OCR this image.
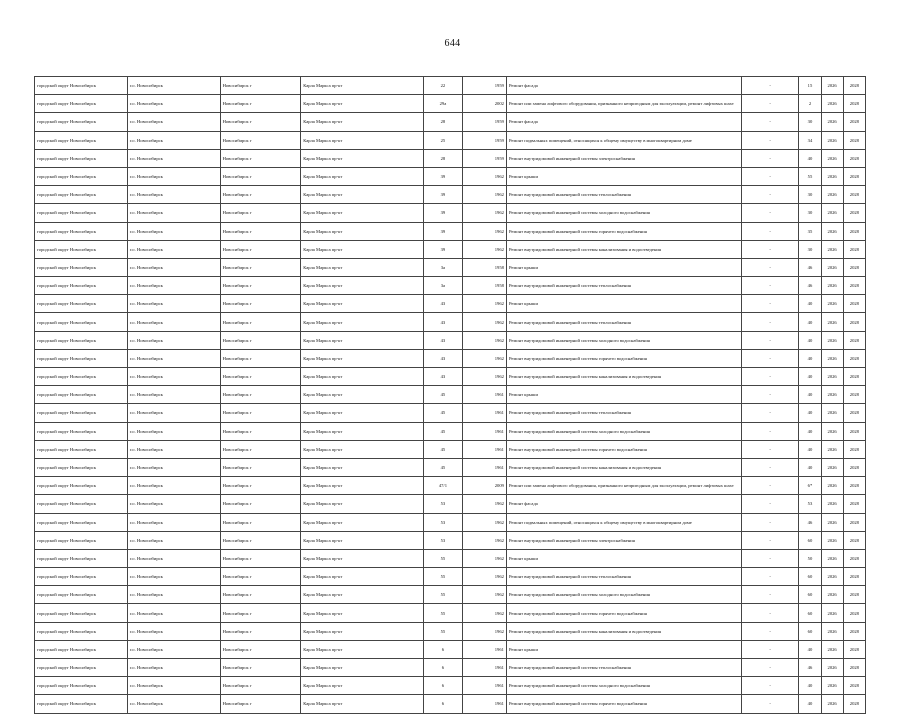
644
городской округ Новосибирск	г.о. Новосибирск	Новосибирск г	Карла Маркса пр-кт	22	1959	Ремонт фасада	-	15	2026	2028
городской округ Новосибирск	г.о. Новосибирск	Новосибирск г	Карла Маркса пр-кт	29а	2002	Ремонт или замена лифтового оборудования, признанного непригодным для эксплуатации, ремонт лифтовых шахт	-	2	2026	2028
городской округ Новосибирск	г.о. Новосибирск	Новосибирск г	Карла Маркса пр-кт	28	1959	Ремонт фасада	-	30	2026	2028
городской округ Новосибирск	г.о. Новосибирск	Новосибирск г	Карла Маркса пр-кт	25	1959	Ремонт подвальных помещений, относящихся к общему имуществу в многоквартирном доме	-	34	2026	2028
городской округ Новосибирск	г.о. Новосибирск	Новосибирск г	Карла Маркса пр-кт	28	1959	Ремонт внутридомовой инженерной системы электроснабжения	-	40	2026	2028
городской округ Новосибирск	г.о. Новосибирск	Новосибирск г	Карла Маркса пр-кт	39	1962	Ремонт крыши	-	55	2026	2028
городской округ Новосибирск	г.о. Новосибирск	Новосибирск г	Карла Маркса пр-кт	39	1962	Ремонт внутридомовой инженерной системы теплоснабжения	-	30	2026	2028
городской округ Новосибирск	г.о. Новосибирск	Новосибирск г	Карла Маркса пр-кт	39	1962	Ремонт внутридомовой инженерной системы холодного водоснабжения	-	30	2026	2028
городской округ Новосибирск	г.о. Новосибирск	Новосибирск г	Карла Маркса пр-кт	39	1962	Ремонт внутридомовой инженерной системы горячего водоснабжения	-	35	2026	2028
городской округ Новосибирск	г.о. Новосибирск	Новосибирск г	Карла Маркса пр-кт	39	1962	Ремонт внутридомовой инженерной системы канализования и водоотведения	-	30	2026	2028
городской округ Новосибирск	г.о. Новосибирск	Новосибирск г	Карла Маркса пр-кт	3а	1958	Ремонт крыши	-	46	2026	2028
городской округ Новосибирск	г.о. Новосибирск	Новосибирск г	Карла Маркса пр-кт	3а	1958	Ремонт внутридомовой инженерной системы теплоснабжения	-	46	2026	2028
городской округ Новосибирск	г.о. Новосибирск	Новосибирск г	Карла Маркса пр-кт	43	1962	Ремонт крыши	-	40	2026	2028
городской округ Новосибирск	г.о. Новосибирск	Новосибирск г	Карла Маркса пр-кт	43	1962	Ремонт внутридомовой инженерной системы теплоснабжения	-	40	2026	2028
городской округ Новосибирск	г.о. Новосибирск	Новосибирск г	Карла Маркса пр-кт	43	1962	Ремонт внутридомовой инженерной системы холодного водоснабжения	-	40	2026	2028
городской округ Новосибирск	г.о. Новосибирск	Новосибирск г	Карла Маркса пр-кт	43	1962	Ремонт внутридомовой инженерной системы горячего водоснабжения	-	40	2026	2028
городской округ Новосибирск	г.о. Новосибирск	Новосибирск г	Карла Маркса пр-кт	43	1962	Ремонт внутридомовой инженерной системы канализования и водоотведения	-	40	2026	2028
городской округ Новосибирск	г.о. Новосибирск	Новосибирск г	Карла Маркса пр-кт	45	1961	Ремонт крыши	-	40	2026	2028
городской округ Новосибирск	г.о. Новосибирск	Новосибирск г	Карла Маркса пр-кт	45	1961	Ремонт внутридомовой инженерной системы теплоснабжения	-	40	2026	2028
городской округ Новосибирск	г.о. Новосибирск	Новосибирск г	Карла Маркса пр-кт	45	1961	Ремонт внутридомовой инженерной системы холодного водоснабжения	-	40	2026	2028
городской округ Новосибирск	г.о. Новосибирск	Новосибирск г	Карла Маркса пр-кт	45	1961	Ремонт внутридомовой инженерной системы горячего водоснабжения	-	40	2026	2028
городской округ Новосибирск	г.о. Новосибирск	Новосибирск г	Карла Маркса пр-кт	45	1961	Ремонт внутридомовой инженерной системы канализования и водоотведения	-	40	2026	2028
городской округ Новосибирск	г.о. Новосибирск	Новосибирск г	Карла Маркса пр-кт	47/1	2009	Ремонт или замена лифтового оборудования, признанного непригодным для эксплуатации, ремонт лифтовых шахт	-	6*	2026	2028
городской округ Новосибирск	г.о. Новосибирск	Новосибирск г	Карла Маркса пр-кт	53	1962	Ремонт фасада	-	53	2026	2028
городской округ Новосибирск	г.о. Новосибирск	Новосибирск г	Карла Маркса пр-кт	53	1962	Ремонт подвальных помещений, относящихся к общему имуществу в многоквартирном доме	-	46	2026	2028
городской округ Новосибирск	г.о. Новосибирск	Новосибирск г	Карла Маркса пр-кт	53	1962	Ремонт внутридомовой инженерной системы электроснабжения	-	60	2026	2028
городской округ Новосибирск	г.о. Новосибирск	Новосибирск г	Карла Маркса пр-кт	55	1962	Ремонт крыши	-	50	2026	2028
городской округ Новосибирск	г.о. Новосибирск	Новосибирск г	Карла Маркса пр-кт	55	1962	Ремонт внутридомовой инженерной системы теплоснабжения	-	60	2026	2028
городской округ Новосибирск	г.о. Новосибирск	Новосибирск г	Карла Маркса пр-кт	55	1962	Ремонт внутридомовой инженерной системы холодного водоснабжения	-	60	2026	2028
городской округ Новосибирск	г.о. Новосибирск	Новосибирск г	Карла Маркса пр-кт	55	1962	Ремонт внутридомовой инженерной системы горячего водоснабжения	-	60	2026	2028
городской округ Новосибирск	г.о. Новосибирск	Новосибирск г	Карла Маркса пр-кт	55	1962	Ремонт внутридомовой инженерной системы канализования и водоотведения	-	60	2026	2028
городской округ Новосибирск	г.о. Новосибирск	Новосибирск г	Карла Маркса пр-кт	6	1961	Ремонт крыши	-	40	2026	2028
городской округ Новосибирск	г.о. Новосибирск	Новосибирск г	Карла Маркса пр-кт	6	1961	Ремонт внутридомовой инженерной системы теплоснабжения	-	46	2026	2028
городской округ Новосибирск	г.о. Новосибирск	Новосибирск г	Карла Маркса пр-кт	6	1961	Ремонт внутридомовой инженерной системы холодного водоснабжения	-	40	2026	2028
городской округ Новосибирск	г.о. Новосибирск	Новосибирск г	Карла Маркса пр-кт	6	1961	Ремонт внутридомовой инженерной системы горячего водоснабжения	-	40	2026	2028
